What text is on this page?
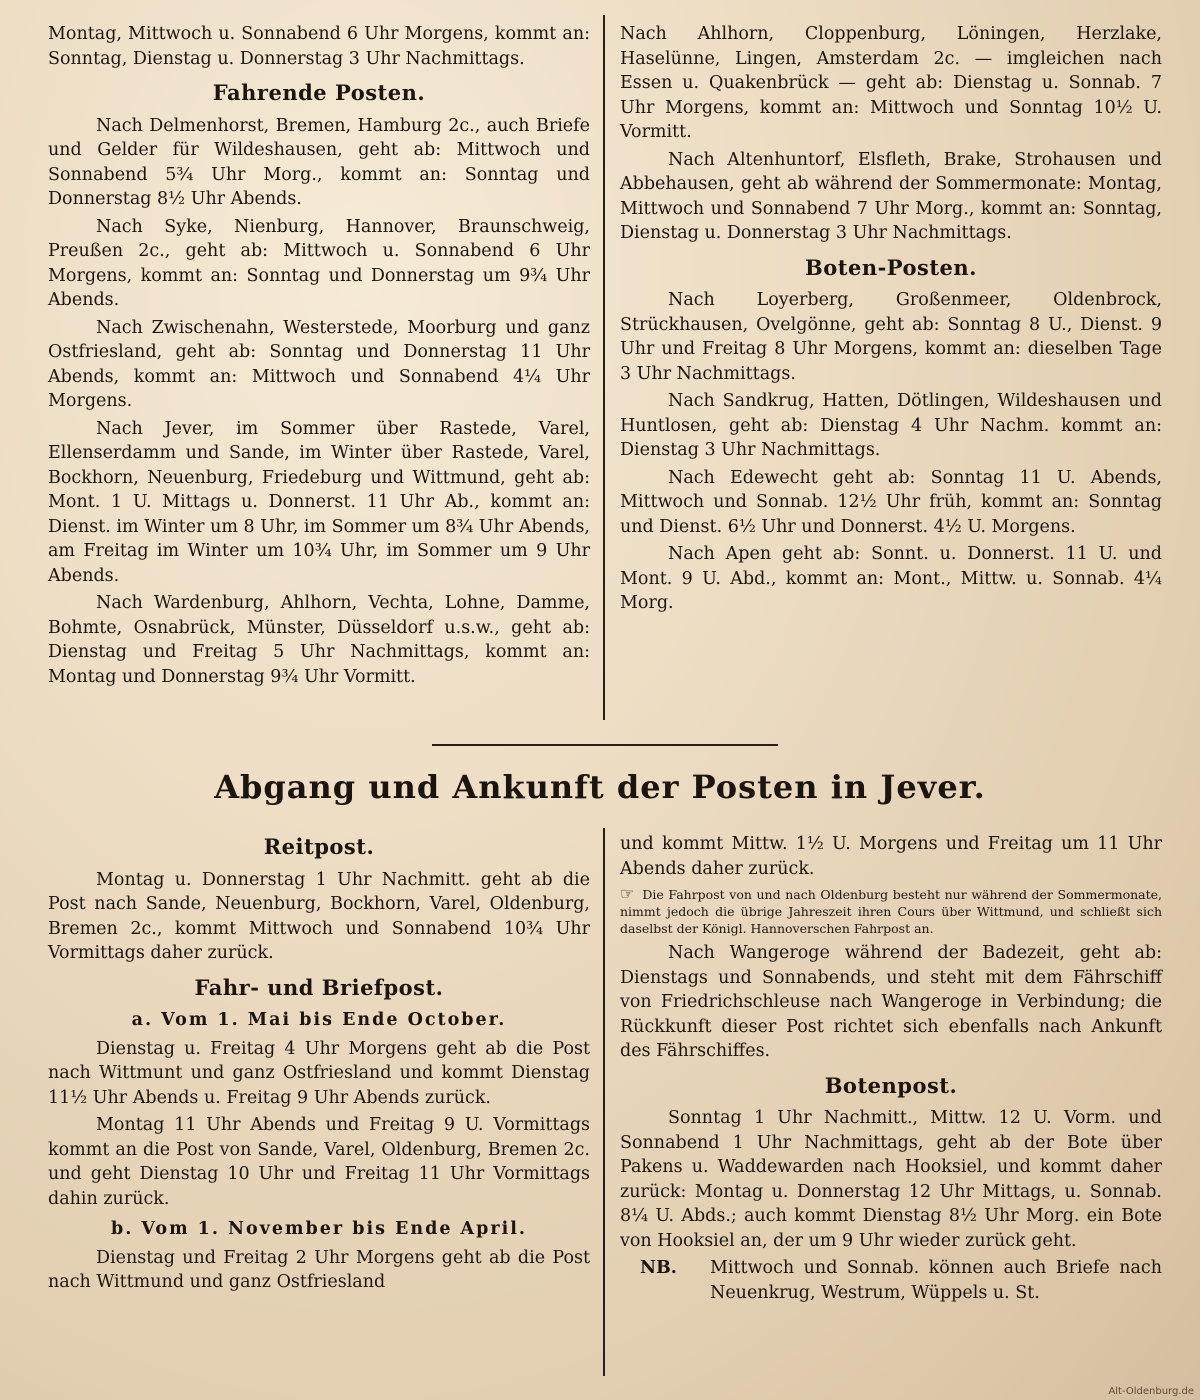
Montag, Mittwoch u. Sonnabend 6 Uhr Morgens, kommt an: Sonntag, Dienstag u. Donnerstag 3 Uhr Nachmittags.

Fahrende Posten.

Nach Delmenhorst, Bremen, Hamburg 2c., auch Briefe und Gelder für Wildeshausen, geht ab: Mittwoch und Sonnabend 5¾ Uhr Morg., kommt an: Sonntag und Donnerstag 8½ Uhr Abends.

Nach Syke, Nienburg, Hannover, Braunschweig, Preußen 2c., geht ab: Mittwoch u. Sonnabend 6 Uhr Morgens, kommt an: Sonntag und Donnerstag um 9¾ Uhr Abends.

Nach Zwischenahn, Westerstede, Moorburg und ganz Ostfriesland, geht ab: Sonntag und Donnerstag 11 Uhr Abends, kommt an: Mittwoch und Sonnabend 4¼ Uhr Morgens.

Nach Jever, im Sommer über Rastede, Varel, Ellenserdamm und Sande, im Winter über Rastede, Varel, Bockhorn, Neuenburg, Friedeburg und Wittmund, geht ab: Mont. 1 U. Mittags u. Donnerst. 11 Uhr Ab., kommt an: Dienst. im Winter um 8 Uhr, im Sommer um 8¾ Uhr Abends, am Freitag im Winter um 10¾ Uhr, im Sommer um 9 Uhr Abends.

Nach Wardenburg, Ahlhorn, Vechta, Lohne, Damme, Bohmte, Osnabrück, Münster, Düsseldorf u.s.w., geht ab: Dienstag und Freitag 5 Uhr Nachmittags, kommt an: Montag und Donnerstag 9¾ Uhr Vormitt.

Nach Ahlhorn, Cloppenburg, Löningen, Herzlake, Haselünne, Lingen, Amsterdam 2c. — imgleichen nach Essen u. Quakenbrück — geht ab: Dienstag u. Sonnab. 7 Uhr Morgens, kommt an: Mittwoch und Sonntag 10½ U. Vormitt.

Nach Altenhuntorf, Elsfleth, Brake, Strohausen und Abbehausen, geht ab während der Sommermonate: Montag, Mittwoch und Sonnabend 7 Uhr Morg., kommt an: Sonntag, Dienstag u. Donnerstag 3 Uhr Nachmittags.

Boten-Posten.

Nach Loyerberg, Großenmeer, Oldenbrock, Strückhausen, Ovelgönne, geht ab: Sonntag 8 U., Dienst. 9 Uhr und Freitag 8 Uhr Morgens, kommt an: dieselben Tage 3 Uhr Nachmittags.

Nach Sandkrug, Hatten, Dötlingen, Wildeshausen und Huntlosen, geht ab: Dienstag 4 Uhr Nachm. kommt an: Dienstag 3 Uhr Nachmittags.

Nach Edewecht geht ab: Sonntag 11 U. Abends, Mittwoch und Sonnab. 12½ Uhr früh, kommt an: Sonntag und Dienst. 6½ Uhr und Donnerst. 4½ U. Morgens.

Nach Apen geht ab: Sonnt. u. Donnerst. 11 U. und Mont. 9 U. Abd., kommt an: Mont., Mittw. u. Sonnab. 4¼ Morg.

Abgang und Ankunft der Posten in Jever.
Reitpost.

Montag u. Donnerstag 1 Uhr Nachmitt. geht ab die Post nach Sande, Neuenburg, Bockhorn, Varel, Oldenburg, Bremen 2c., kommt Mittwoch und Sonnabend 10¾ Uhr Vormittags daher zurück.

Fahr- und Briefpost.
a. Vom 1. Mai bis Ende October.

Dienstag u. Freitag 4 Uhr Morgens geht ab die Post nach Wittmunt und ganz Ostfriesland und kommt Dienstag 11½ Uhr Abends u. Freitag 9 Uhr Abends zurück.

Montag 11 Uhr Abends und Freitag 9 U. Vormittags kommt an die Post von Sande, Varel, Oldenburg, Bremen 2c. und geht Dienstag 10 Uhr und Freitag 11 Uhr Vormittags dahin zurück.

b. Vom 1. November bis Ende April.

Dienstag und Freitag 2 Uhr Morgens geht ab die Post nach Wittmund und ganz Ostfriesland

und kommt Mittw. 1½ U. Morgens und Freitag um 11 Uhr Abends daher zurück.

☞ Die Fahrpost von und nach Oldenburg besteht nur während der Sommermonate, nimmt jedoch die übrige Jahreszeit ihren Cours über Wittmund, und schließt sich daselbst der Königl. Hannoverschen Fahrpost an.

Nach Wangeroge während der Badezeit, geht ab: Dienstags und Sonnabends, und steht mit dem Fährschiff von Friedrichschleuse nach Wangeroge in Verbindung; die Rückkunft dieser Post richtet sich ebenfalls nach Ankunft des Fährschiffes.

Botenpost.

Sonntag 1 Uhr Nachmitt., Mittw. 12 U. Vorm. und Sonnabend 1 Uhr Nachmittags, geht ab der Bote über Pakens u. Waddewarden nach Hooksiel, und kommt daher zurück: Montag u. Donnerstag 12 Uhr Mittags, u. Sonnab. 8¼ U. Abds.; auch kommt Dienstag 8½ Uhr Morg. ein Bote von Hooksiel an, der um 9 Uhr wieder zurück geht.

NB. Mittwoch und Sonnab. können auch Briefe nach Neuenkrug, Westrum, Wüppels u. St.

Alt-Oldenburg.de
